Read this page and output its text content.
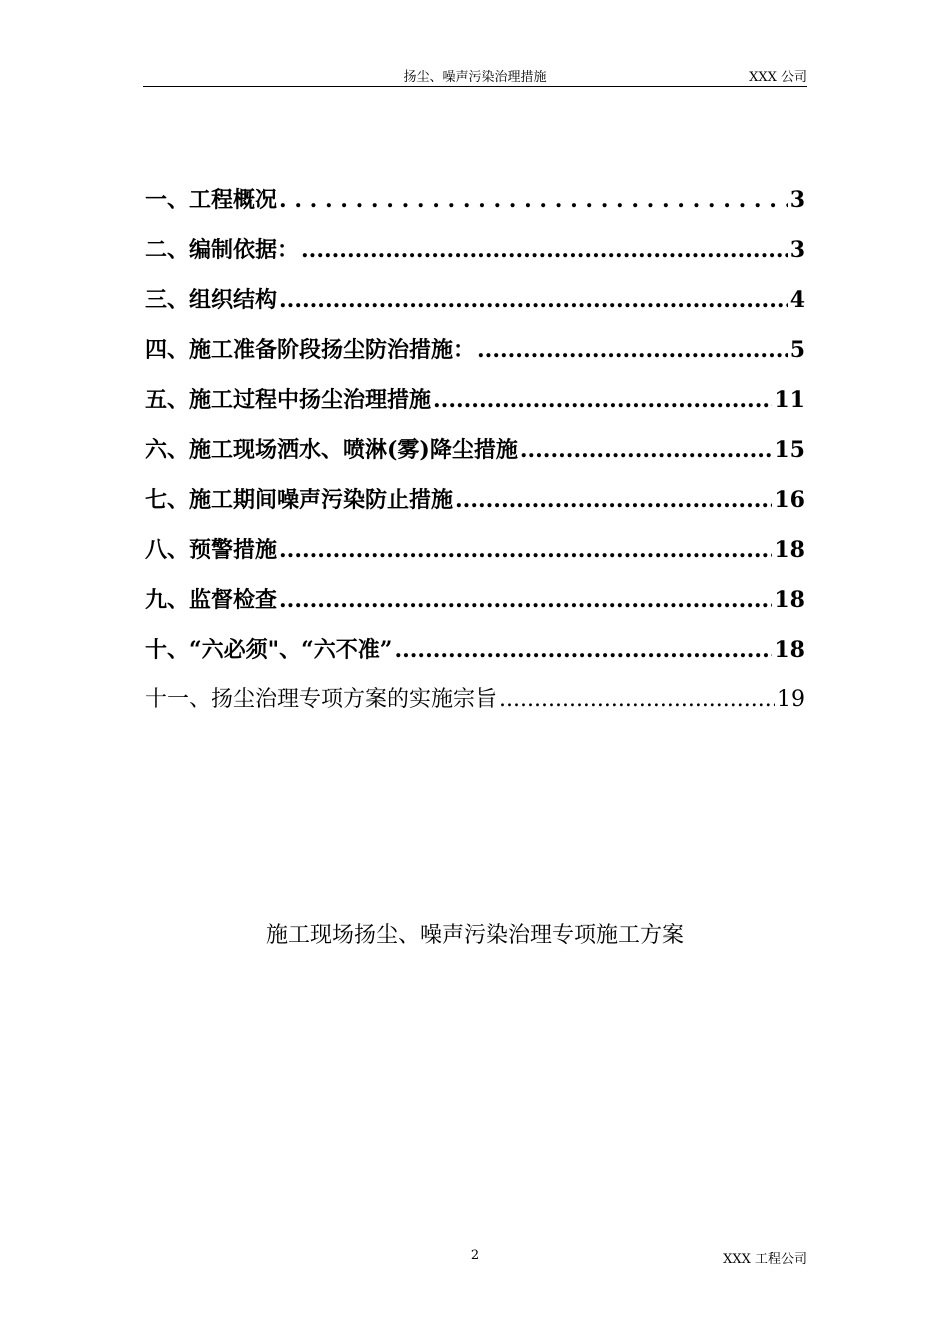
扬尘、噪声污染治理措施	XXX 公司
一、工程概况 . . .	3
二、编制依据： .....	3
三、组织结构 .....	4
四、施工准备阶段扬尘防治措施： .....	5
五、施工过程中扬尘治理措施 .....	11
六、施工现场洒水、喷淋(雾)降尘措施 .....	15
七、施工期间噪声污染防止措施 .....	16
八、预警措施 .....	18
九、监督检查 .....	18
十、“六必须"、“六不准” .....	18
十一、扬尘治理专项方案的实施宗旨 .....	19
施工现场扬尘、噪声污染治理专项施工方案
2	XXX 工程公司
